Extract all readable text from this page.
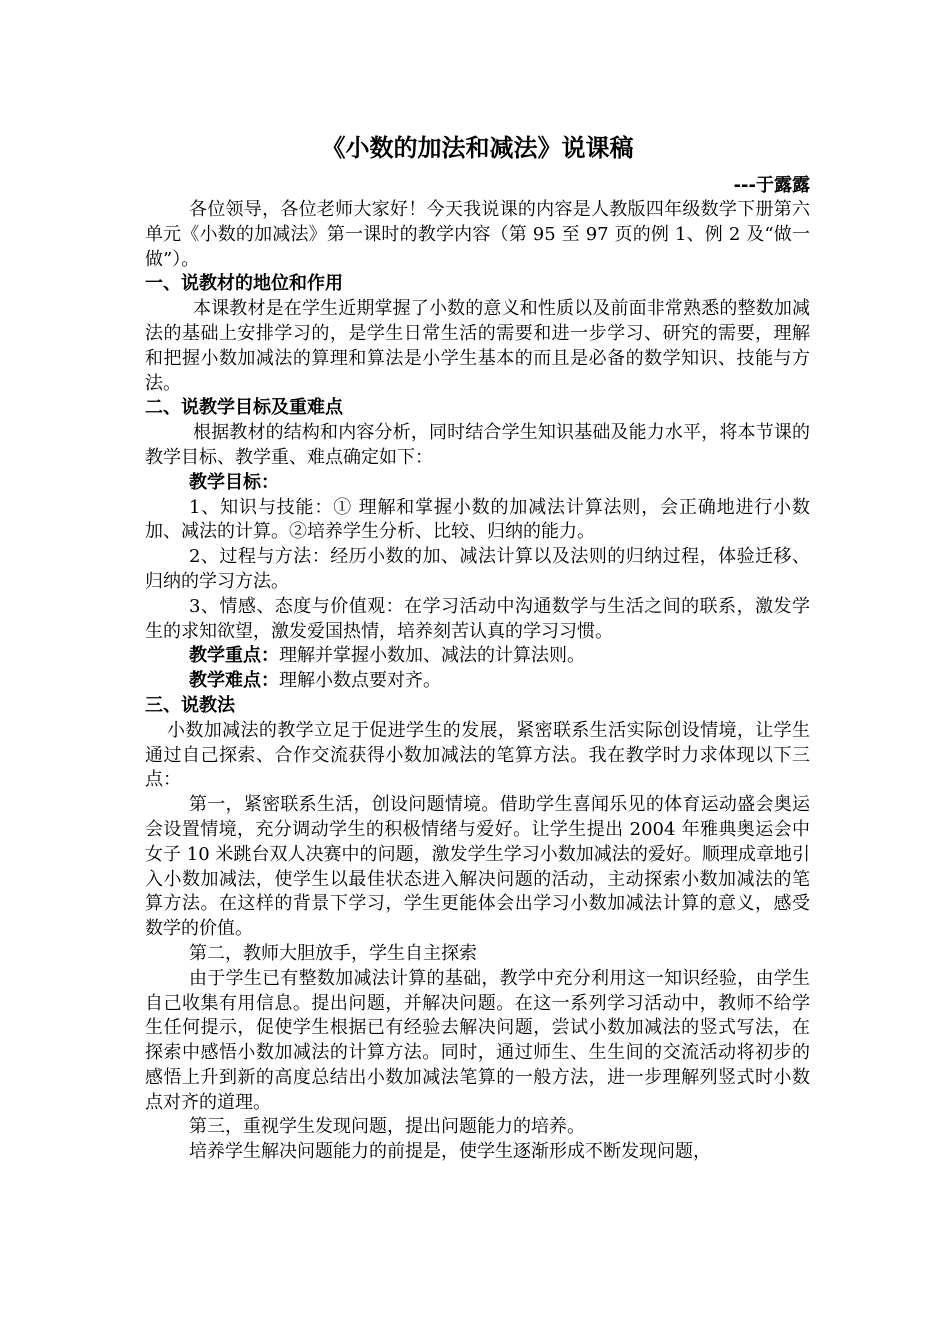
《小数的加法和减法》说课稿
---于露露

各位领导，各位老师大家好！今天我说课的内容是人教版四年级数学下册第六单元《小数的加减法》第一课时的教学内容（第 95 至 97 页的例 1、例 2 及“做一做”）。

一、说教材的地位和作用

本课教材是在学生近期掌握了小数的意义和性质以及前面非常熟悉的整数加减法的基础上安排学习的，是学生日常生活的需要和进一步学习、研究的需要，理解和把握小数加减法的算理和算法是小学生基本的而且是必备的数学知识、技能与方法。

二、说教学目标及重难点

根据教材的结构和内容分析，同时结合学生知识基础及能力水平，将本节课的教学目标、教学重、难点确定如下：

教学目标：

1、知识与技能：① 理解和掌握小数的加减法计算法则，会正确地进行小数加、减法的计算。②培养学生分析、比较、归纳的能力。

2、过程与方法：经历小数的加、减法计算以及法则的归纳过程，体验迁移、归纳的学习方法。

3、情感、态度与价值观：在学习活动中沟通数学与生活之间的联系，激发学生的求知欲望，激发爱国热情，培养刻苦认真的学习习惯。

教学重点：理解并掌握小数加、减法的计算法则。

教学难点：理解小数点要对齐。

三、说教法

小数加减法的教学立足于促进学生的发展，紧密联系生活实际创设情境，让学生通过自己探索、合作交流获得小数加减法的笔算方法。我在教学时力求体现以下三点：

第一，紧密联系生活，创设问题情境。借助学生喜闻乐见的体育运动盛会奥运会设置情境，充分调动学生的积极情绪与爱好。让学生提出 2004 年雅典奥运会中女子 10 米跳台双人决赛中的问题，激发学生学习小数加减法的爱好。顺理成章地引入小数加减法，使学生以最佳状态进入解决问题的活动，主动探索小数加减法的笔算方法。在这样的背景下学习，学生更能体会出学习小数加减法计算的意义，感受数学的价值。

第二，教师大胆放手，学生自主探索

由于学生已有整数加减法计算的基础，教学中充分利用这一知识经验，由学生自己收集有用信息。提出问题，并解决问题。在这一系列学习活动中，教师不给学生任何提示，促使学生根据已有经验去解决问题，尝试小数加减法的竖式写法，在探索中感悟小数加减法的计算方法。同时，通过师生、生生间的交流活动将初步的感悟上升到新的高度总结出小数加减法笔算的一般方法，进一步理解列竖式时小数点对齐的道理。

第三，重视学生发现问题，提出问题能力的培养。

培养学生解决问题能力的前提是，使学生逐渐形成不断发现问题，
